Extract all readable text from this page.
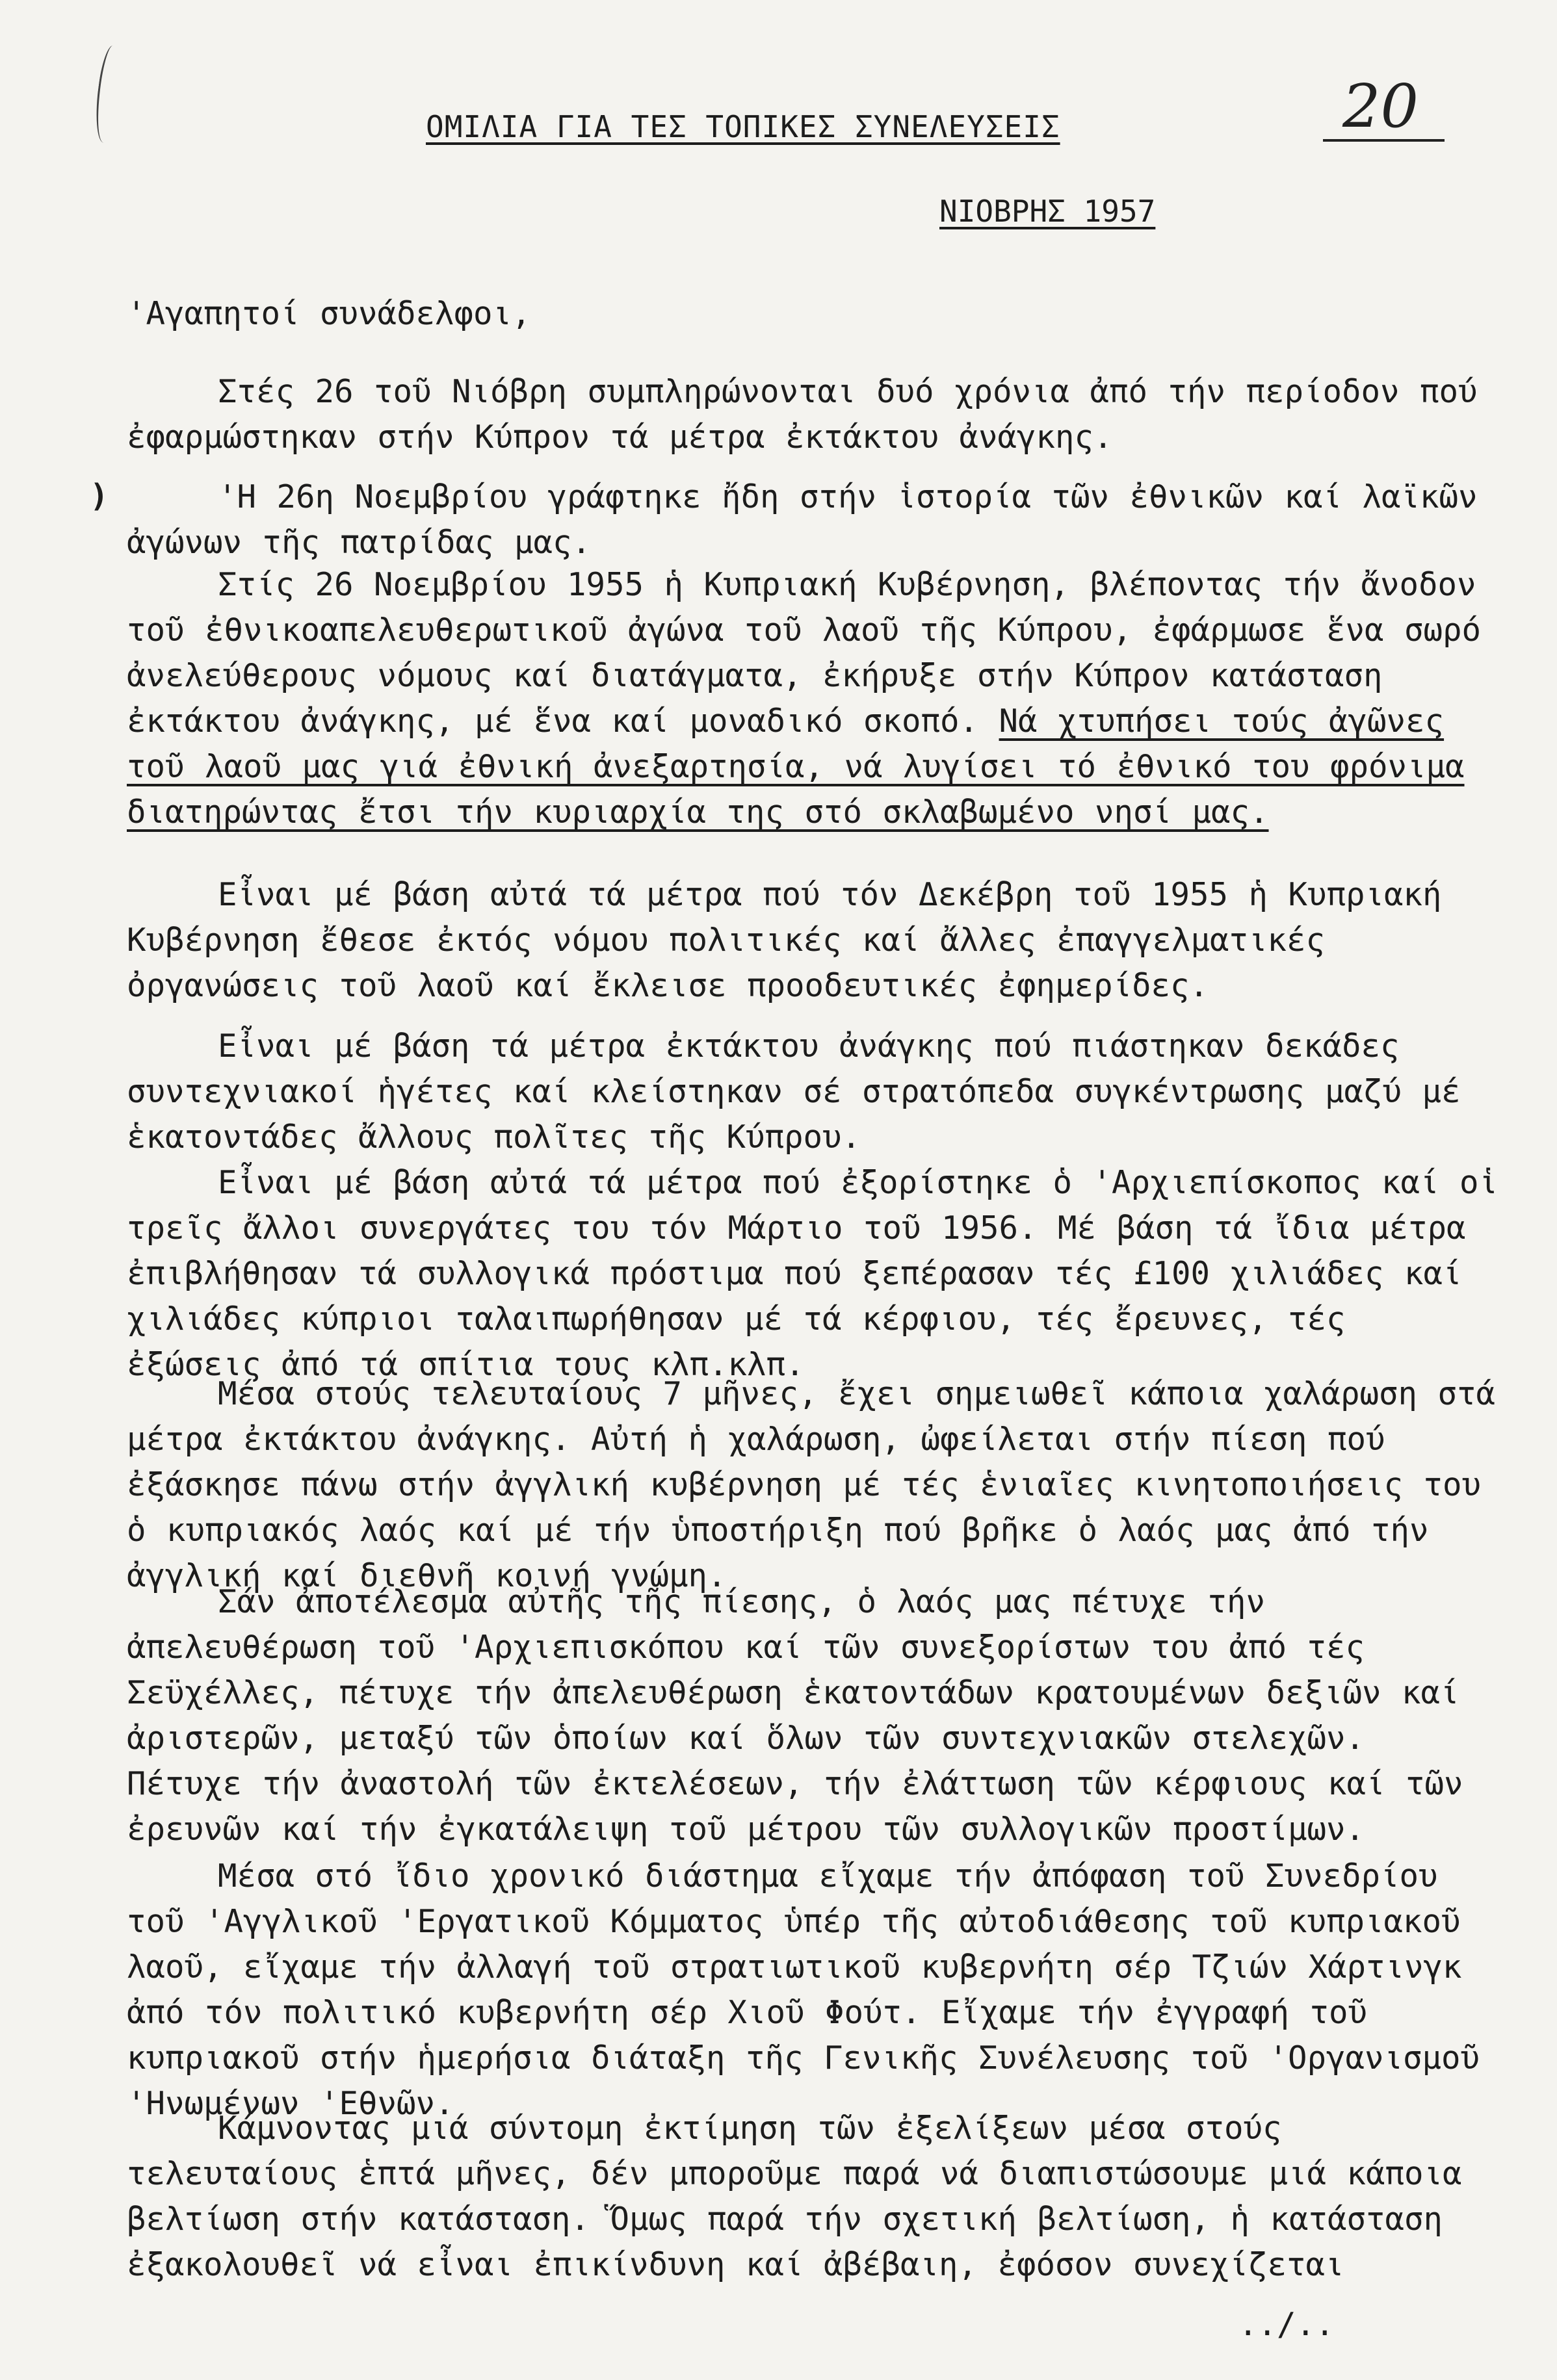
ΟΜΙΛΙΑ ΓΙΑ ΤΕΣ ΤΟΠΙΚΕΣ ΣΥΝΕΛΕΥΣΕΙΣ	20
ΝΙΟΒΡΗΣ 1957
'Αγαπητοί συνάδελφοι,

Στές 26 τοῦ Νιόβρη συμπληρώνονται δυό χρόνια ἀπό τήν περίοδον πού ἐφαρμώστηκαν στήν Κύπρον τά μέτρα ἐκτάκτου ἀνάγκης.

)	'Η 26η Νοεμβρίου γράφτηκε ἤδη στήν ἱστορία τῶν ἐθνικῶν καί λαϊκῶν ἀγώνων τῆς πατρίδας μας.

Στίς 26 Νοεμβρίου 1955 ἡ Κυπριακή Κυβέρνηση, βλέποντας τήν ἄνοδον τοῦ ἐθνικοαπελευθερωτικοῦ ἀγώνα τοῦ λαοῦ τῆς Κύπρου, ἐφάρμωσε ἕνα σωρό ἀνελεύθερους νόμους καί διατάγματα, ἐκήρυξε στήν Κύπρον κατάσταση ἐκτάκτου ἀνάγκης, μέ ἕνα καί μοναδικό σκοπό. Νά χτυπήσει τούς ἀγῶνες τοῦ λαοῦ μας γιά ἐθνική ἀνεξαρτησία, νά λυγίσει τό ἐθνικό του φρόνιμα διατηρώντας ἔτσι τήν κυριαρχία της στό σκλαβωμένο νησί μας.

Εἶναι μέ βάση αὐτά τά μέτρα πού τόν Δεκέβρη τοῦ 1955 ἡ Κυπριακή Κυβέρνηση ἔθεσε ἐκτός νόμου πολιτικές καί ἄλλες ἐπαγγελματικές ὀργανώσεις τοῦ λαοῦ καί ἔκλεισε προοδευτικές ἐφημερίδες.

Εἶναι μέ βάση τά μέτρα ἐκτάκτου ἀνάγκης πού πιάστηκαν δεκάδες συντεχνιακοί ἡγέτες καί κλείστηκαν σέ στρατόπεδα συγκέντρωσης μαζύ μέ ἑκατοντάδες ἄλλους πολῖτες τῆς Κύπρου.

Εἶναι μέ βάση αὐτά τά μέτρα πού ἐξορίστηκε ὁ 'Αρχιεπίσκοπος καί οἱ τρεῖς ἄλλοι συνεργάτες του τόν Μάρτιο τοῦ 1956. Μέ βάση τά ἴδια μέτρα ἐπιβλήθησαν τά συλλογικά πρόστιμα πού ξεπέρασαν τές £100 χιλιάδες καί χιλιάδες κύπριοι ταλαιπωρήθησαν μέ τά κέρφιου, τές ἔρευνες, τές ἐξώσεις ἀπό τά σπίτια τους κλπ.κλπ.

Μέσα στούς τελευταίους 7 μῆνες, ἔχει σημειωθεῖ κάποια χαλάρωση στά μέτρα ἐκτάκτου ἀνάγκης. Αὐτή ἡ χαλάρωση, ὠφείλεται στήν πίεση πού ἐξάσκησε πάνω στήν ἀγγλική κυβέρνηση μέ τές ἑνιαῖες κινητοποιήσεις του ὁ κυπριακός λαός καί μέ τήν ὑποστήριξη πού βρῆκε ὁ λαός μας ἀπό τήν ἀγγλική καί διεθνῆ κοινή γνώμη.

Σάν ἀποτέλεσμα αὐτῆς τῆς πίεσης, ὁ λαός μας πέτυχε τήν ἀπελευθέρωση τοῦ 'Αρχιεπισκόπου καί τῶν συνεξορίστων του ἀπό τές Σεϋχέλλες, πέτυχε τήν ἀπελευθέρωση ἑκατοντάδων κρατουμένων δεξιῶν καί ἀριστερῶν, μεταξύ τῶν ὁποίων καί ὅλων τῶν συντεχνιακῶν στελεχῶν. Πέτυχε τήν ἀναστολή τῶν ἐκτελέσεων, τήν ἐλάττωση τῶν κέρφιους καί τῶν ἐρευνῶν καί τήν ἐγκατάλειψη τοῦ μέτρου τῶν συλλογικῶν προστίμων.

Μέσα στό ἴδιο χρονικό διάστημα εἴχαμε τήν ἀπόφαση τοῦ Συνεδρίου τοῦ 'Αγγλικοῦ 'Εργατικοῦ Κόμματος ὑπέρ τῆς αὐτοδιάθεσης τοῦ κυπριακοῦ λαοῦ, εἴχαμε τήν ἀλλαγή τοῦ στρατιωτικοῦ κυβερνήτη σέρ Τζιών Χάρτινγκ ἀπό τόν πολιτικό κυβερνήτη σέρ Χιοῦ Φούτ. Εἴχαμε τήν ἐγγραφή τοῦ κυπριακοῦ στήν ἡμερήσια διάταξη τῆς Γενικῆς Συνέλευσης τοῦ 'Οργανισμοῦ 'Ηνωμένων 'Εθνῶν.

Κάμνοντας μιά σύντομη ἐκτίμηση τῶν ἐξελίξεων μέσα στούς τελευταίους ἑπτά μῆνες, δέν μποροῦμε παρά νά διαπιστώσουμε μιά κάποια βελτίωση στήν κατάσταση. Ὅμως παρά τήν σχετική βελτίωση, ἡ κατάσταση ἐξακολουθεῖ νά εἶναι ἐπικίνδυνη καί ἀβέβαιη, ἐφόσον συνεχίζεται

../..
